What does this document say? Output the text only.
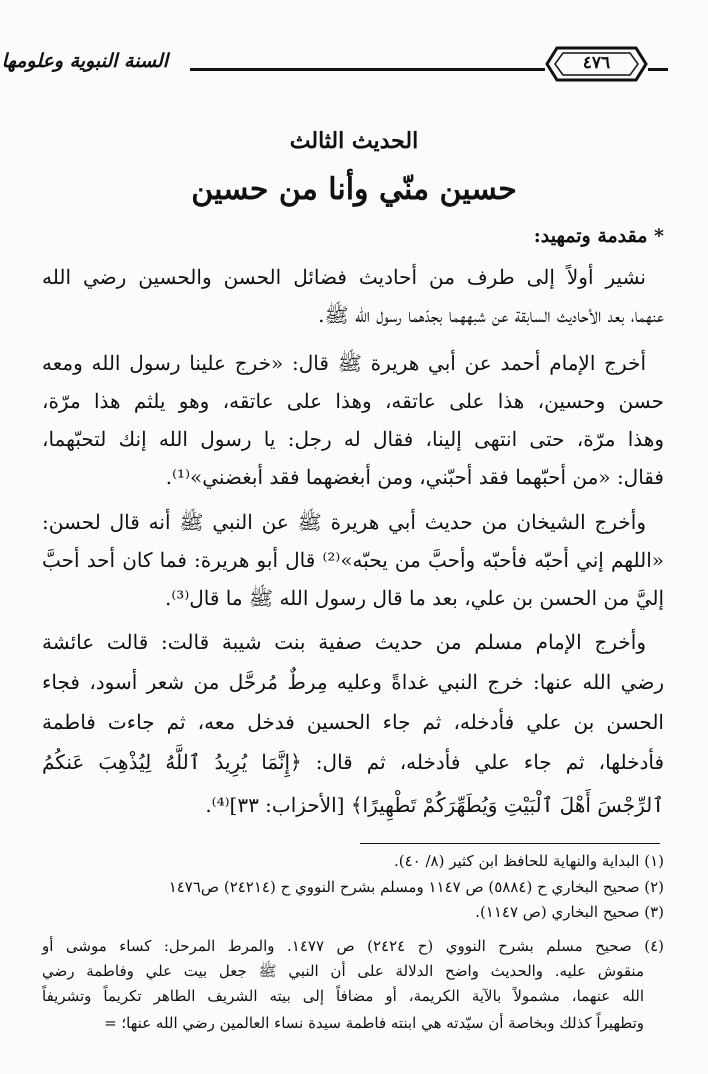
السنة النبوية وعلومها	٤٧٦
الحديث الثالث
حسين منّي وأنا من حسين
* مقدمة وتمهيد:
نشير أولاً إلى طرف من أحاديث فضائل الحسن والحسين رضي الله
عنهما، بعد الأحاديث السابقة عن شبههما بجدّهما رسول الله ﷺ.
أخرج الإمام أحمد عن أبي هريرة ﷺ قال: «خرج علينا رسول الله ومعه
حسن وحسين، هذا على عاتقه، وهذا على عاتقه، وهو يلثم هذا مرّة،
وهذا مرّة، حتى انتهى إلينا، فقال له رجل: يا رسول الله إنك لتحبّهما،
فقال: «من أحبّهما فقد أحبّني، ومن أبغضهما فقد أبغضني»⁽¹⁾.
وأخرج الشيخان من حديث أبي هريرة ﷺ عن النبي ﷺ أنه قال لحسن:
«اللهم إني أحبّه فأحبّه وأحبَّ من يحبّه»⁽²⁾ قال أبو هريرة: فما كان أحد أحبَّ
إليَّ من الحسن بن علي، بعد ما قال رسول الله ﷺ ما قال⁽³⁾.
وأخرج الإمام مسلم من حديث صفية بنت شيبة قالت: قالت عائشة
رضي الله عنها: خرج النبي غداةً وعليه مِرطٌ مُرحَّل من شعر أسود، فجاء
الحسن بن علي فأدخله، ثم جاء الحسين فدخل معه، ثم جاءت فاطمة
فأدخلها، ثم جاء علي فأدخله، ثم قال: ﴿إِنَّمَا يُرِيدُ ٱللَّهُ لِيُذْهِبَ عَنكُمُ
ٱلرِّجْسَ أَهْلَ ٱلْبَيْتِ وَيُطَهِّرَكُمْ تَطْهِيرًا﴾ [الأحزاب: ٣٣]⁽⁴⁾.
(١) البداية والنهاية للحافظ ابن كثير (٨/ ٤٠).
(٢) صحيح البخاري ح (٥٨٨٤) ص ١١٤٧ ومسلم بشرح النووي ح (٢٤٢١٤) ص١٤٧٦
(٣) صحيح البخاري (ص ١١٤٧).
(٤) صحيح مسلم بشرح النووي (ح ٢٤٢٤) ص ١٤٧٧. والمرط المرحل: كساء موشى أو
منقوش عليه. والحديث واضح الدلالة على أن النبي ﷺ جعل بيت علي وفاطمة رضي
الله عنهما، مشمولاً بالآية الكريمة، أو مضافاً إلى بيته الشريف الطاهر تكريماً وتشريفاً
وتطهيراً كذلك وبخاصة أن سيّدته هي ابنته فاطمة سيدة نساء العالمين رضي الله عنها؛ =
